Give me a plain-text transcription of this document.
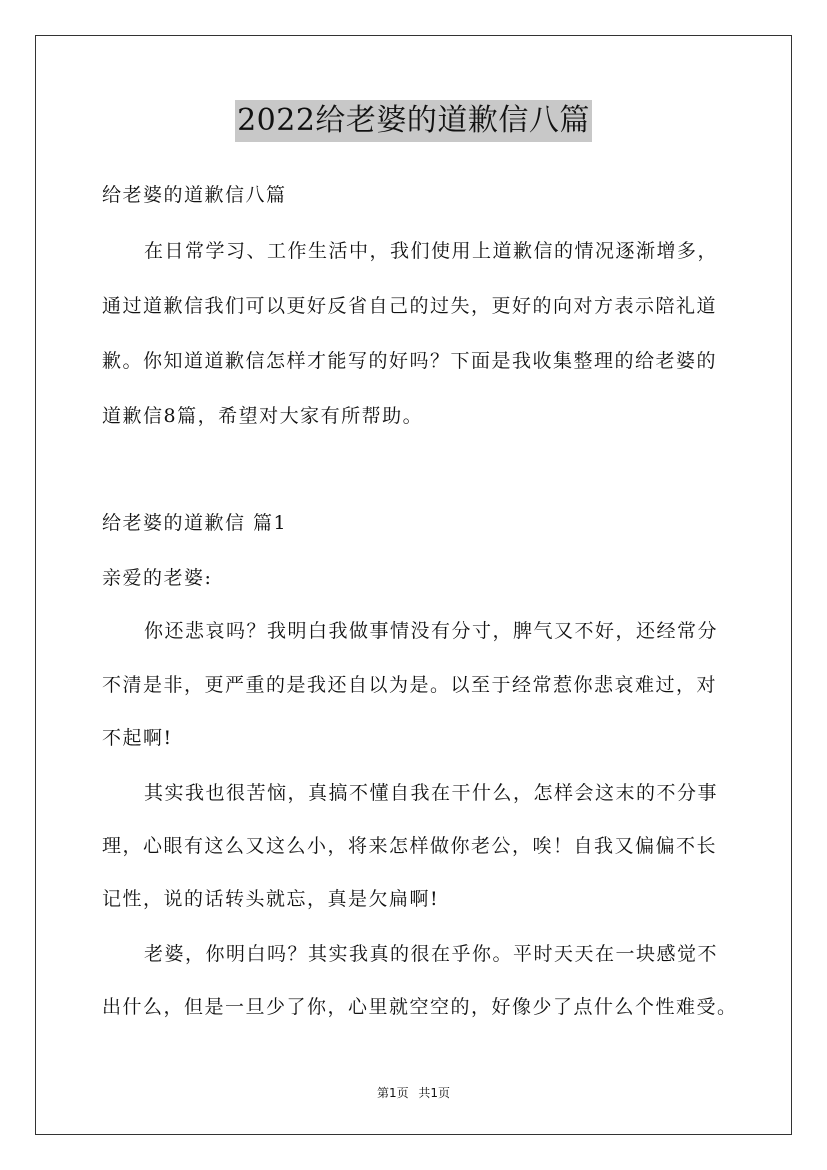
2022给老婆的道歉信八篇
给老婆的道歉信八篇
在日常学习、工作生活中，我们使用上道歉信的情况逐渐增多，
通过道歉信我们可以更好反省自己的过失，更好的向对方表示陪礼道
歉。你知道道歉信怎样才能写的好吗？下面是我收集整理的给老婆的
道歉信8篇，希望对大家有所帮助。
给老婆的道歉信 篇1
亲爱的老婆:
你还悲哀吗？我明白我做事情没有分寸，脾气又不好，还经常分
不清是非，更严重的是我还自以为是。以至于经常惹你悲哀难过，对
不起啊!
其实我也很苦恼，真搞不懂自我在干什么，怎样会这末的不分事
理，心眼有这么又这么小，将来怎样做你老公，唉！自我又偏偏不长
记性，说的话转头就忘，真是欠扁啊!
老婆，你明白吗？其实我真的很在乎你。平时天天在一块感觉不
出什么，但是一旦少了你，心里就空空的，好像少了点什么个性难受。
第1页 共1页
